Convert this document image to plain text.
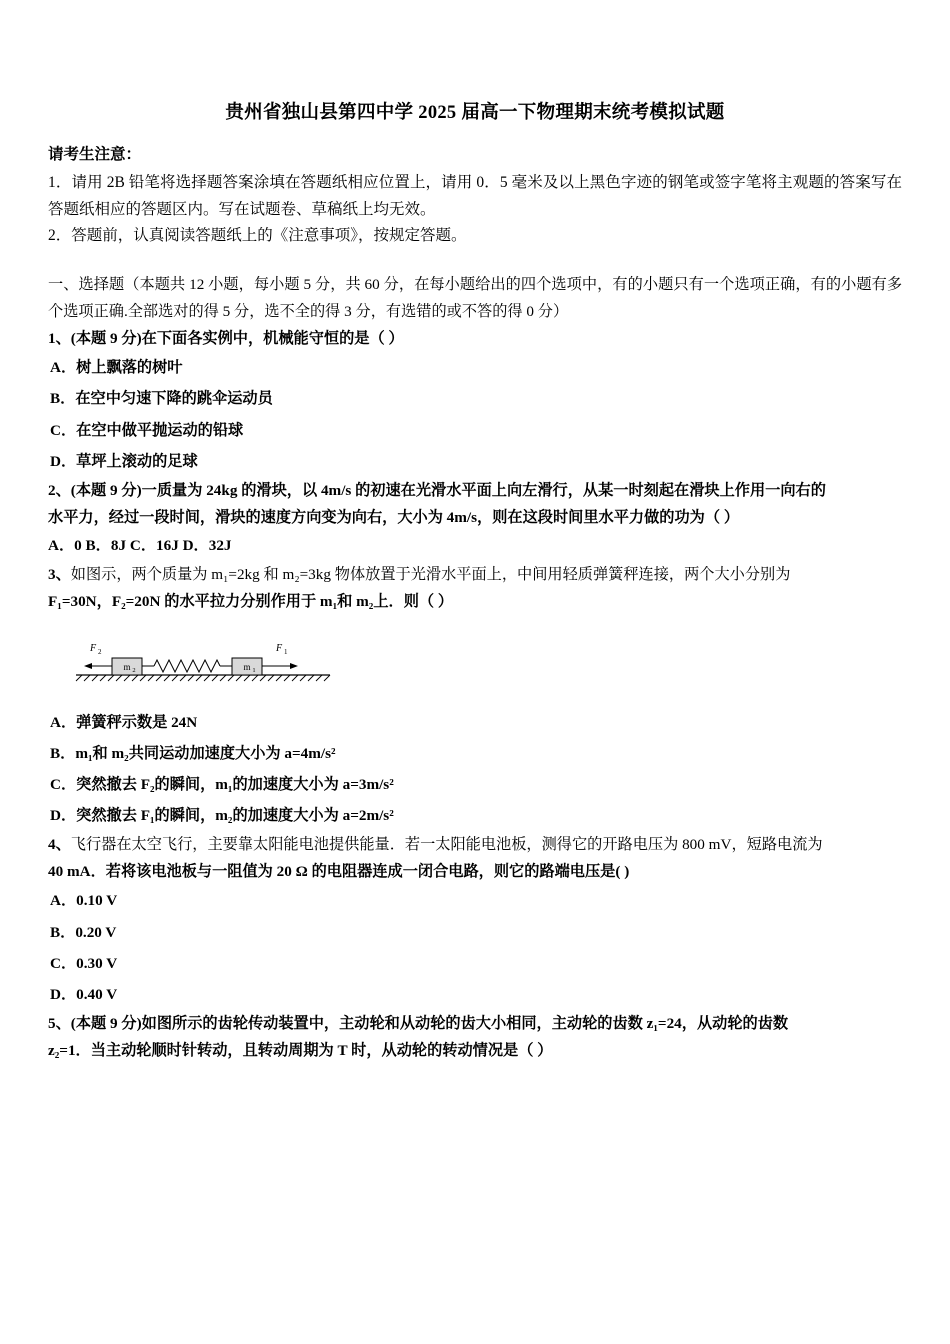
贵州省独山县第四中学 2025 届高一下物理期末统考模拟试题
请考生注意：
1．请用 2B 铅笔将选择题答案涂填在答题纸相应位置上，请用 0．5 毫米及以上黑色字迹的钢笔或签字笔将主观题的答案写在答题纸相应的答题区内。写在试题卷、草稿纸上均无效。
2．答题前，认真阅读答题纸上的《注意事项》，按规定答题。
一、选择题（本题共 12 小题，每小题 5 分，共 60 分，在每小题给出的四个选项中，有的小题只有一个选项正确，有的小题有多个选项正确.全部选对的得 5 分，选不全的得 3 分，有选错的或不答的得 0 分）
1、(本题 9 分)在下面各实例中，机械能守恒的是（ ）
A．树上飘落的树叶
B．在空中匀速下降的跳伞运动员
C．在空中做平抛运动的铅球
D．草坪上滚动的足球
2、(本题 9 分)一质量为 24kg 的滑块，以 4m/s 的初速在光滑水平面上向左滑行，从某一时刻起在滑块上作用一向右的
水平力，经过一段时间，滑块的速度方向变为向右，大小为 4m/s，则在这段时间里水平力做的功为（ ）
A．0 B．8J C．16J D．32J
3、如图示，两个质量为 m₁=2kg 和 m₂=3kg 物体放置于光滑水平面上，中间用轻质弹簧秤连接，两个大小分别为
F₁=30N，F₂=20N 的水平拉力分别作用于 m₁和 m₂上．则（ ）
m 2	m 1
F 2	F 1
A．弹簧秤示数是 24N
B．m₁和 m₂共同运动加速度大小为 a=4m/s²
C．突然撤去 F₂的瞬间，m₁的加速度大小为 a=3m/s²
D．突然撤去 F₁的瞬间，m₂的加速度大小为 a=2m/s²
4、飞行器在太空飞行，主要靠太阳能电池提供能量．若一太阳能电池板，测得它的开路电压为 800 mV，短路电流为
40 mA．若将该电池板与一阻值为 20 Ω 的电阻器连成一闭合电路，则它的路端电压是( )
A．0.10 V
B．0.20 V
C．0.30 V
D．0.40 V
5、(本题 9 分)如图所示的齿轮传动装置中，主动轮和从动轮的齿大小相同，主动轮的齿数 z₁=24，从动轮的齿数
z₂=1．当主动轮顺时针转动，且转动周期为 T 时，从动轮的转动情况是（ ）
